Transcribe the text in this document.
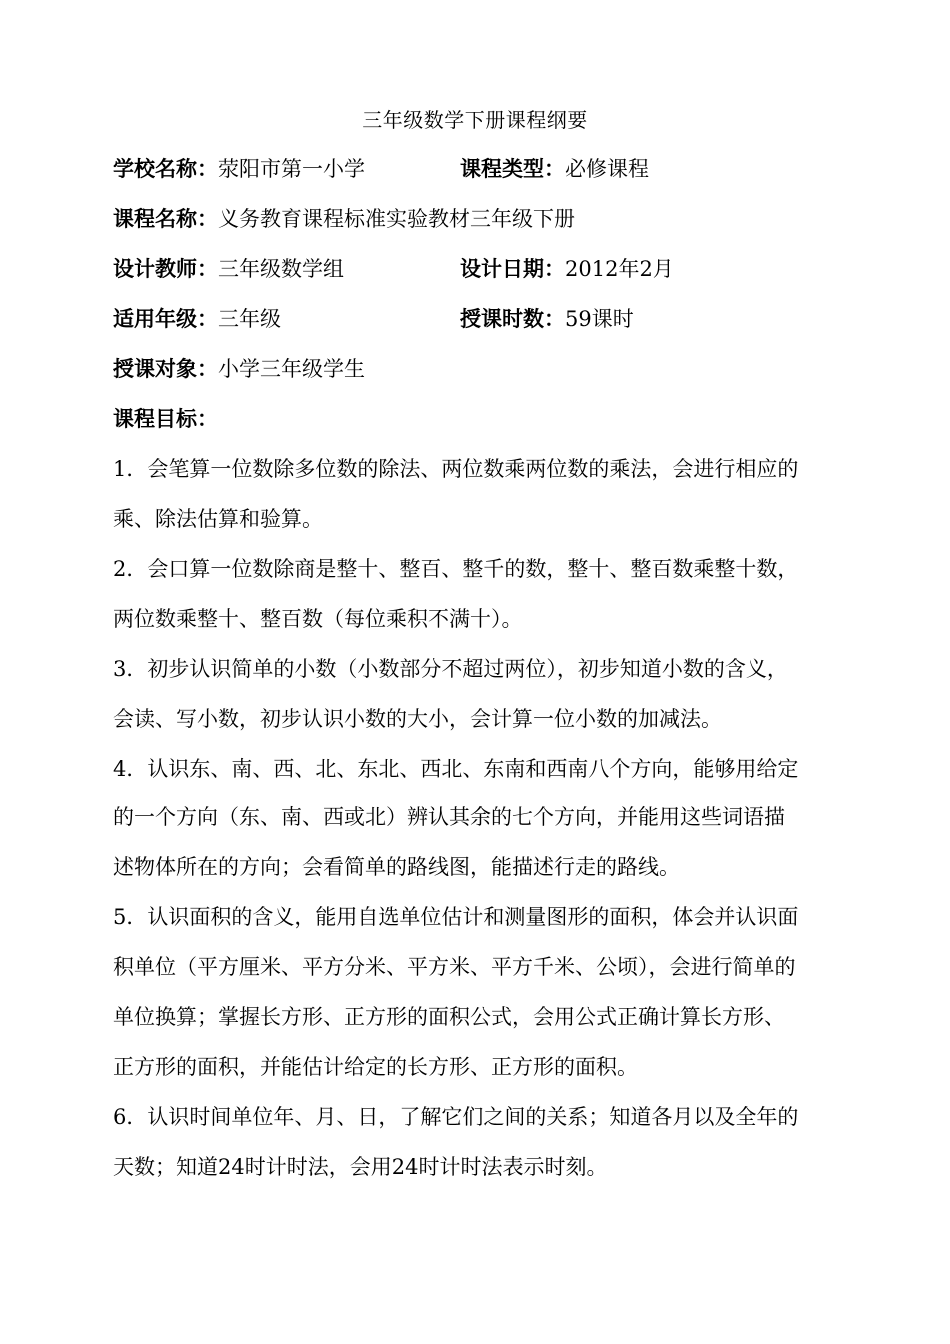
三年级数学下册课程纲要
学校名称：荥阳市第一小学	课程类型：必修课程
课程名称：义务教育课程标准实验教材三年级下册
设计教师：三年级数学组	设计日期：2012年2月
适用年级：三年级	授课时数：59课时
授课对象：小学三年级学生
课程目标：
1．会笔算一位数除多位数的除法、两位数乘两位数的乘法，会进行相应的
乘、除法估算和验算。
2．会口算一位数除商是整十、整百、整千的数，整十、整百数乘整十数，
两位数乘整十、整百数（每位乘积不满十）。
3．初步认识简单的小数（小数部分不超过两位），初步知道小数的含义，
会读、写小数，初步认识小数的大小，会计算一位小数的加减法。
4．认识东、南、西、北、东北、西北、东南和西南八个方向，能够用给定
的一个方向（东、南、西或北）辨认其余的七个方向，并能用这些词语描
述物体所在的方向；会看简单的路线图，能描述行走的路线。
5．认识面积的含义，能用自选单位估计和测量图形的面积，体会并认识面
积单位（平方厘米、平方分米、平方米、平方千米、公顷），会进行简单的
单位换算；掌握长方形、正方形的面积公式，会用公式正确计算长方形、
正方形的面积，并能估计给定的长方形、正方形的面积。
6．认识时间单位年、月、日，了解它们之间的关系；知道各月以及全年的
天数；知道24时计时法，会用24时计时法表示时刻。
